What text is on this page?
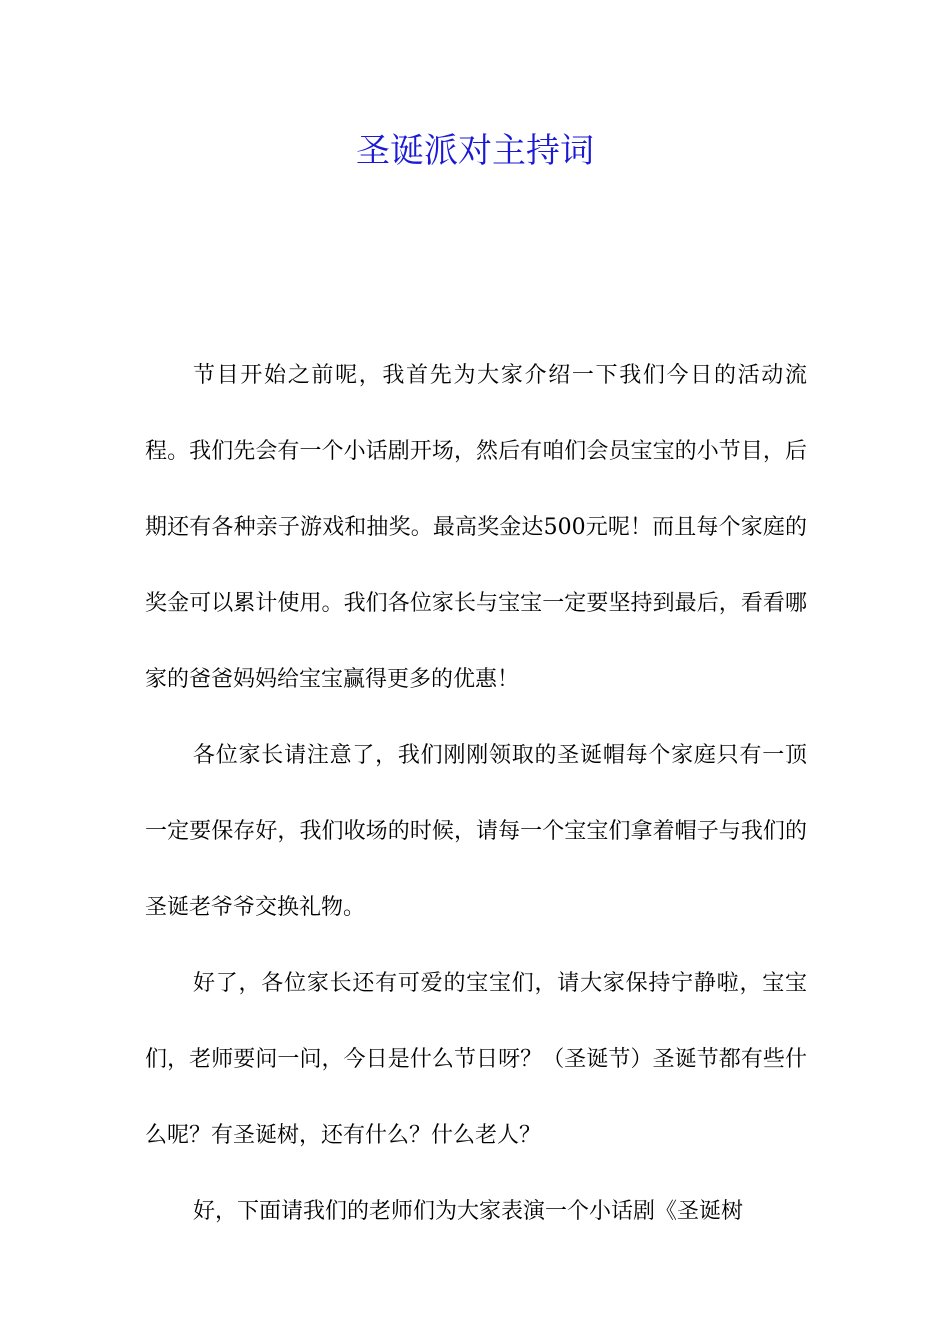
圣诞派对主持词

节目开始之前呢，我首先为大家介绍一下我们今日的活动流程。我们先会有一个小话剧开场，然后有咱们会员宝宝的小节目，后期还有各种亲子游戏和抽奖。最高奖金达500元呢！而且每个家庭的奖金可以累计使用。我们各位家长与宝宝一定要坚持到最后，看看哪家的爸爸妈妈给宝宝赢得更多的优惠！

各位家长请注意了，我们刚刚领取的圣诞帽每个家庭只有一顶一定要保存好，我们收场的时候，请每一个宝宝们拿着帽子与我们的圣诞老爷爷交换礼物。

好了，各位家长还有可爱的宝宝们，请大家保持宁静啦，宝宝们，老师要问一问，今日是什么节日呀？（圣诞节）圣诞节都有些什么呢？有圣诞树，还有什么？什么老人？

好，下面请我们的老师们为大家表演一个小话剧《圣诞树
